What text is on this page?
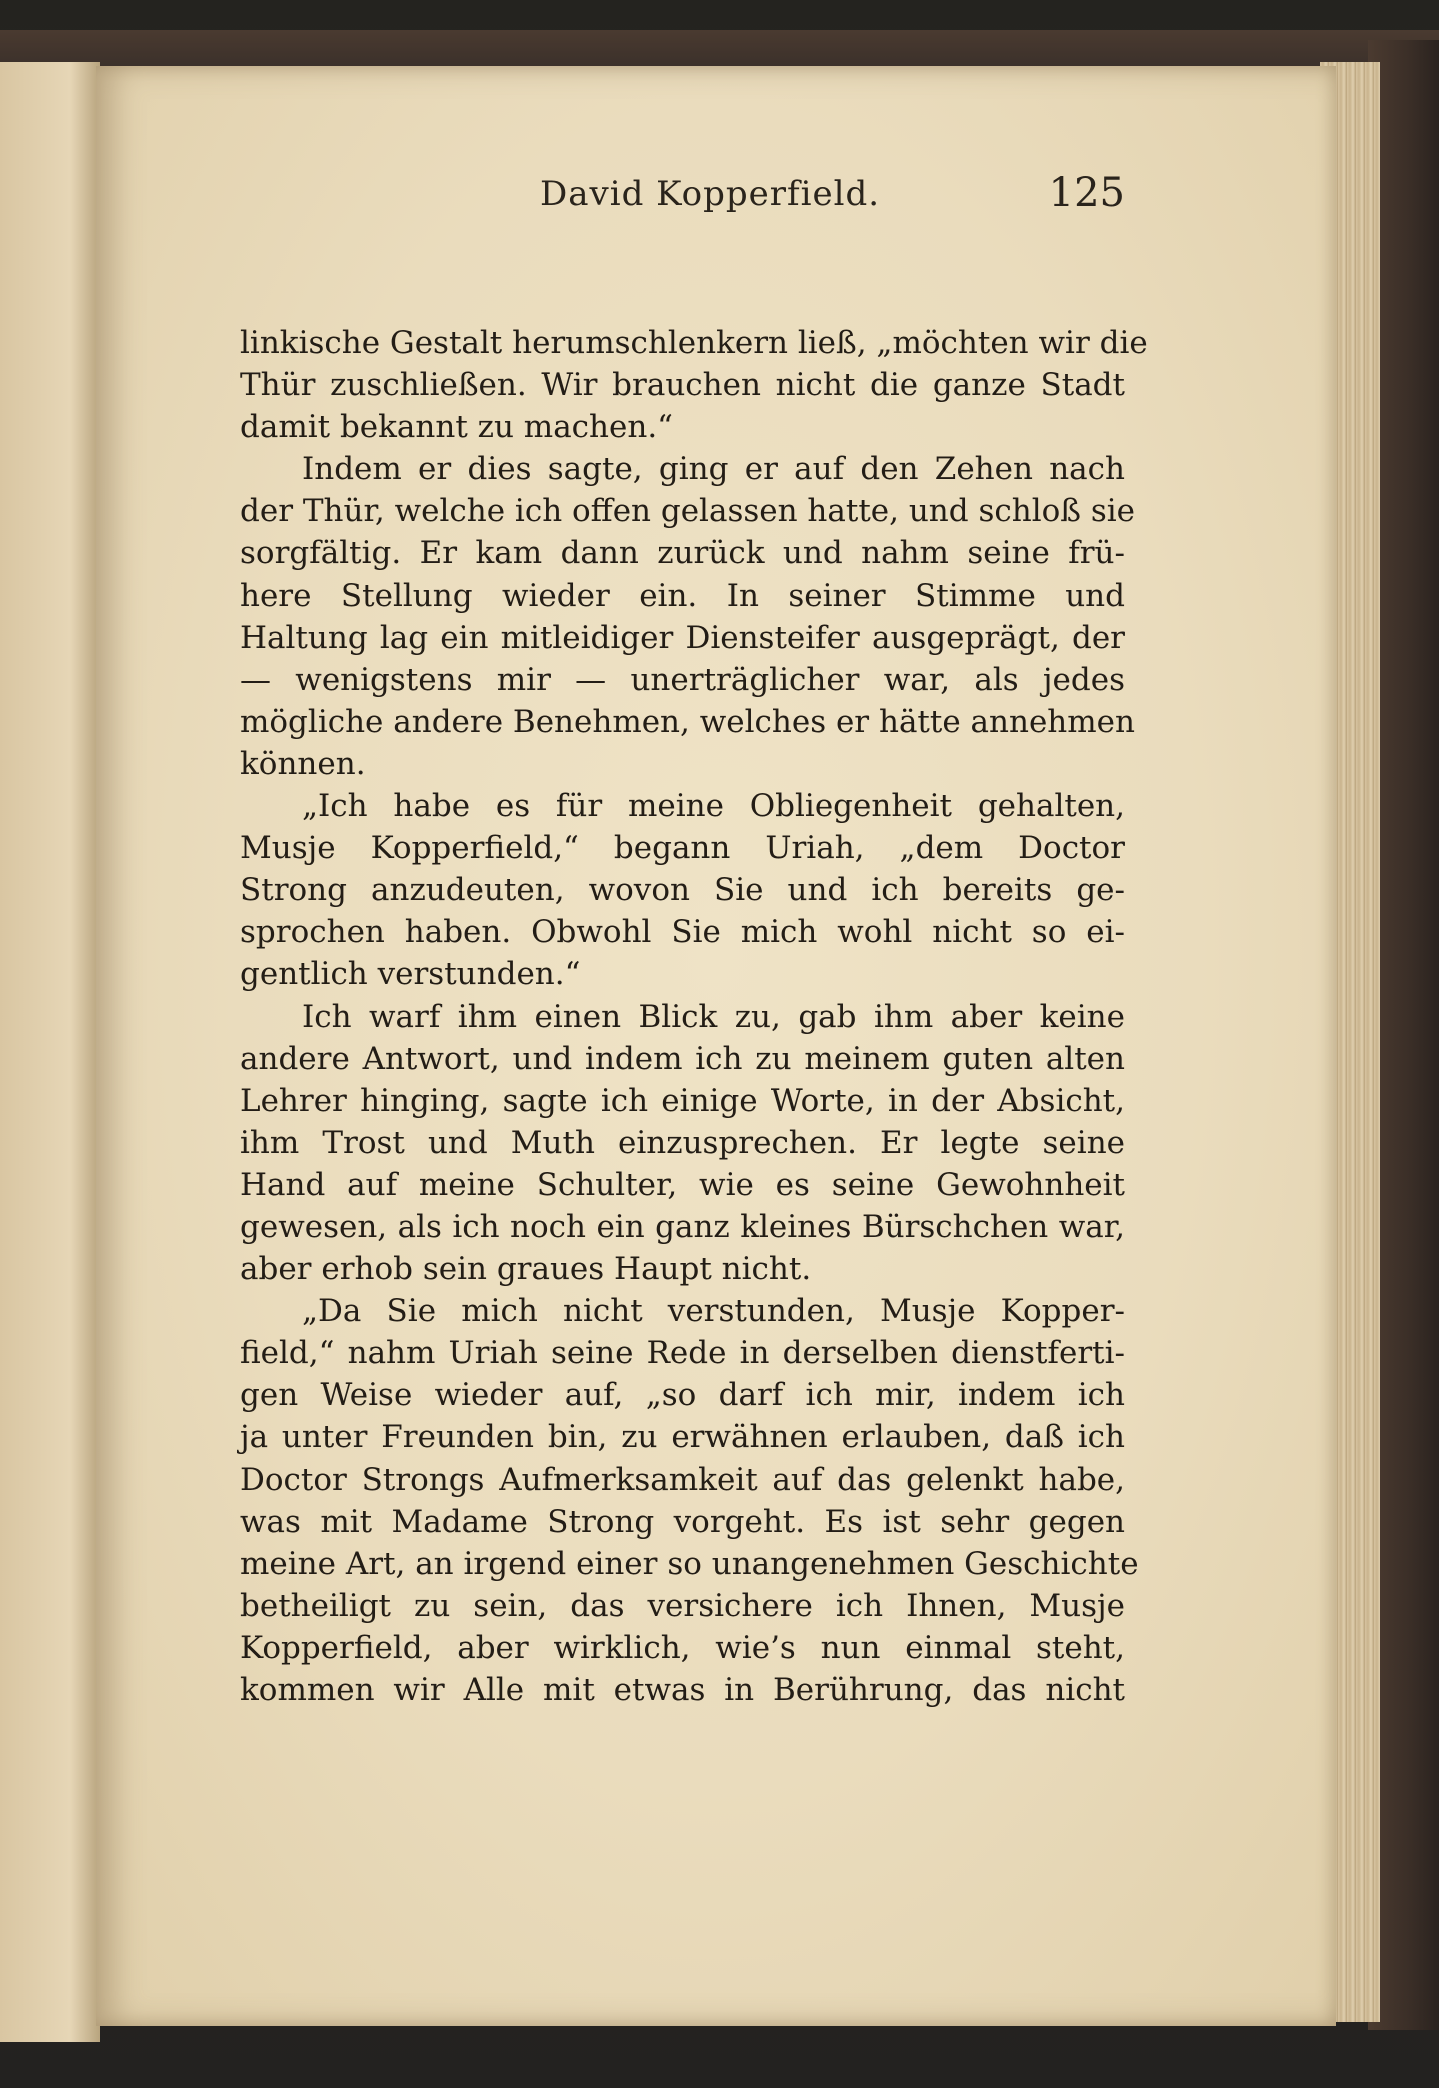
David Kopperfield.	125
linkische Gestalt herumschlenkern ließ, „möchten wir die
Thür zuschließen. Wir brauchen nicht die ganze Stadt
damit bekannt zu machen.“
Indem er dies sagte, ging er auf den Zehen nach
der Thür, welche ich offen gelassen hatte, und schloß sie
sorgfältig. Er kam dann zurück und nahm seine frü-
here Stellung wieder ein. In seiner Stimme und
Haltung lag ein mitleidiger Diensteifer ausgeprägt, der
— wenigstens mir — unerträglicher war, als jedes
mögliche andere Benehmen, welches er hätte annehmen
können.
„Ich habe es für meine Obliegenheit gehalten,
Musje Kopperfield,“ begann Uriah, „dem Doctor
Strong anzudeuten, wovon Sie und ich bereits ge-
sprochen haben. Obwohl Sie mich wohl nicht so ei-
gentlich verstunden.“
Ich warf ihm einen Blick zu, gab ihm aber keine
andere Antwort, und indem ich zu meinem guten alten
Lehrer hinging, sagte ich einige Worte, in der Absicht,
ihm Trost und Muth einzusprechen. Er legte seine
Hand auf meine Schulter, wie es seine Gewohnheit
gewesen, als ich noch ein ganz kleines Bürschchen war,
aber erhob sein graues Haupt nicht.
„Da Sie mich nicht verstunden, Musje Kopper-
field,“ nahm Uriah seine Rede in derselben dienstferti-
gen Weise wieder auf, „so darf ich mir, indem ich
ja unter Freunden bin, zu erwähnen erlauben, daß ich
Doctor Strongs Aufmerksamkeit auf das gelenkt habe,
was mit Madame Strong vorgeht. Es ist sehr gegen
meine Art, an irgend einer so unangenehmen Geschichte
betheiligt zu sein, das versichere ich Ihnen, Musje
Kopperfield, aber wirklich, wie’s nun einmal steht,
kommen wir Alle mit etwas in Berührung, das nicht
